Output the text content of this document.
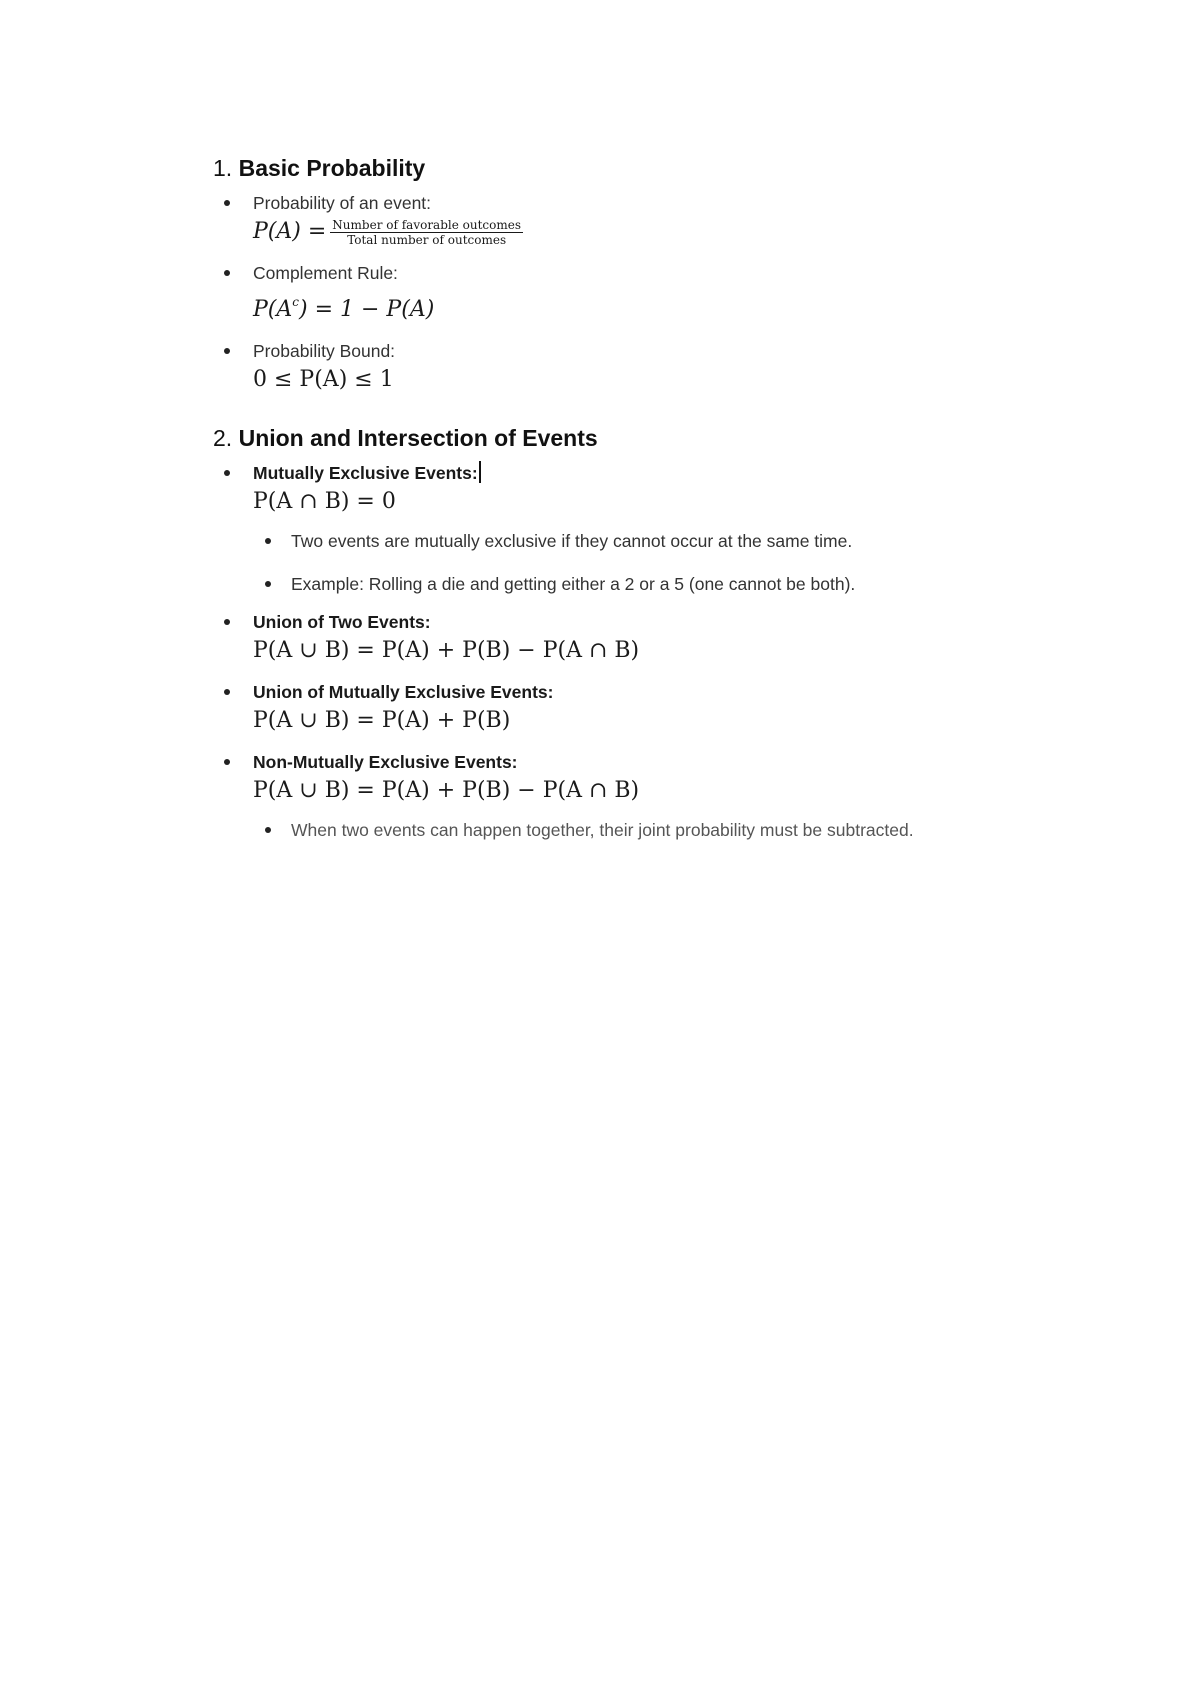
1. Basic Probability
Probability of an event:
$P(A) = \frac{\text{Number of favorable outcomes}}{\text{Total number of outcomes}}$
Complement Rule:
$P(A^c) = 1 - P(A)$
Probability Bound:
0 ≤ P(A) ≤ 1
2. Union and Intersection of Events
Mutually Exclusive Events:
P(A ∩ B) = 0
Two events are mutually exclusive if they cannot occur at the same time.
Example: Rolling a die and getting either a 2 or a 5 (one cannot be both).
Union of Two Events:
P(A ∪ B) = P(A) + P(B) − P(A ∩ B)
Union of Mutually Exclusive Events:
P(A ∪ B) = P(A) + P(B)
Non-Mutually Exclusive Events:
P(A ∪ B) = P(A) + P(B) − P(A ∩ B)
When two events can happen together, their joint probability must be subtracted.
